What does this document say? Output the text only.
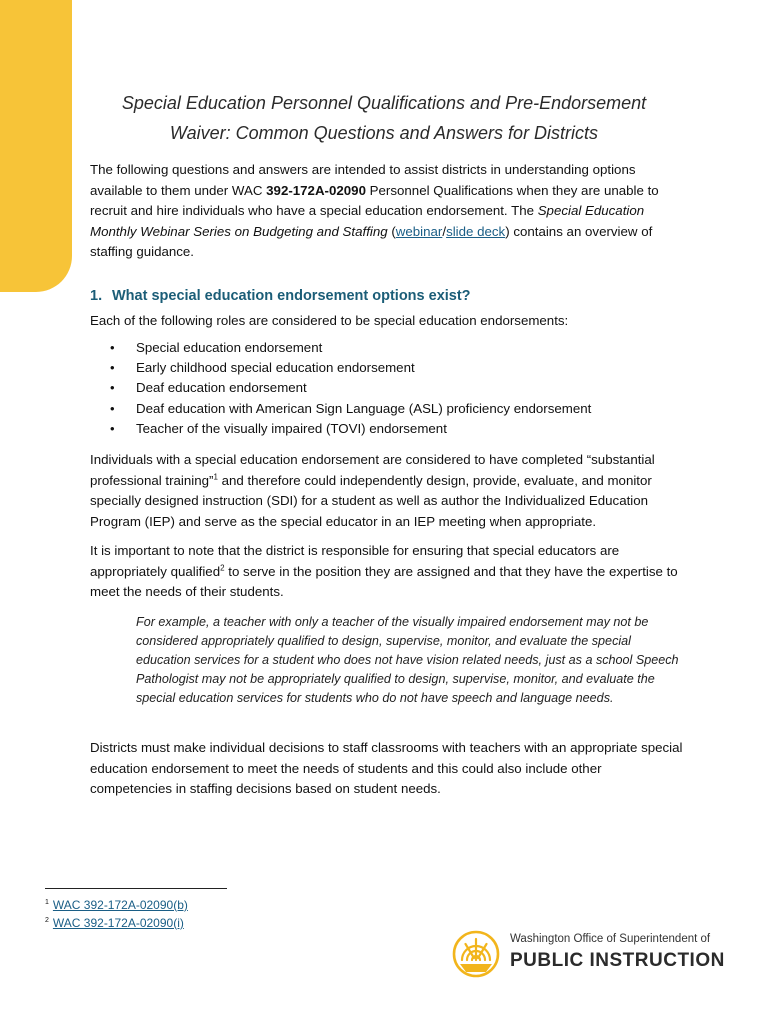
Special Education Personnel Qualifications and Pre-Endorsement
Waiver: Common Questions and Answers for Districts
The following questions and answers are intended to assist districts in understanding options available to them under WAC 392-172A-02090 Personnel Qualifications when they are unable to recruit and hire individuals who have a special education endorsement. The Special Education Monthly Webinar Series on Budgeting and Staffing (webinar/slide deck) contains an overview of staffing guidance.
1. What special education endorsement options exist?
Each of the following roles are considered to be special education endorsements:
• Special education endorsement
• Early childhood special education endorsement
• Deaf education endorsement
• Deaf education with American Sign Language (ASL) proficiency endorsement
• Teacher of the visually impaired (TOVI) endorsement
Individuals with a special education endorsement are considered to have completed “substantial professional training”$^1$ and therefore could independently design, provide, evaluate, and monitor specially designed instruction (SDI) for a student as well as author the Individualized Education Program (IEP) and serve as the special educator in an IEP meeting when appropriate.
It is important to note that the district is responsible for ensuring that special educators are appropriately qualified$^2$ to serve in the position they are assigned and that they have the expertise to meet the needs of their students.
For example, a teacher with only a teacher of the visually impaired endorsement may not be considered appropriately qualified to design, supervise, monitor, and evaluate the special education services for a student who does not have vision related needs, just as a school Speech Pathologist may not be appropriately qualified to design, supervise, monitor, and evaluate the special education services for students who do not have speech and language needs.
Districts must make individual decisions to staff classrooms with teachers with an appropriate special education endorsement to meet the needs of students and this could also include other competencies in staffing decisions based on student needs.
$^1$ WAC 392-172A-02090(b)
$^2$ WAC 392-172A-02090(i)
Washington Office of Superintendent of
PUBLIC INSTRUCTION
